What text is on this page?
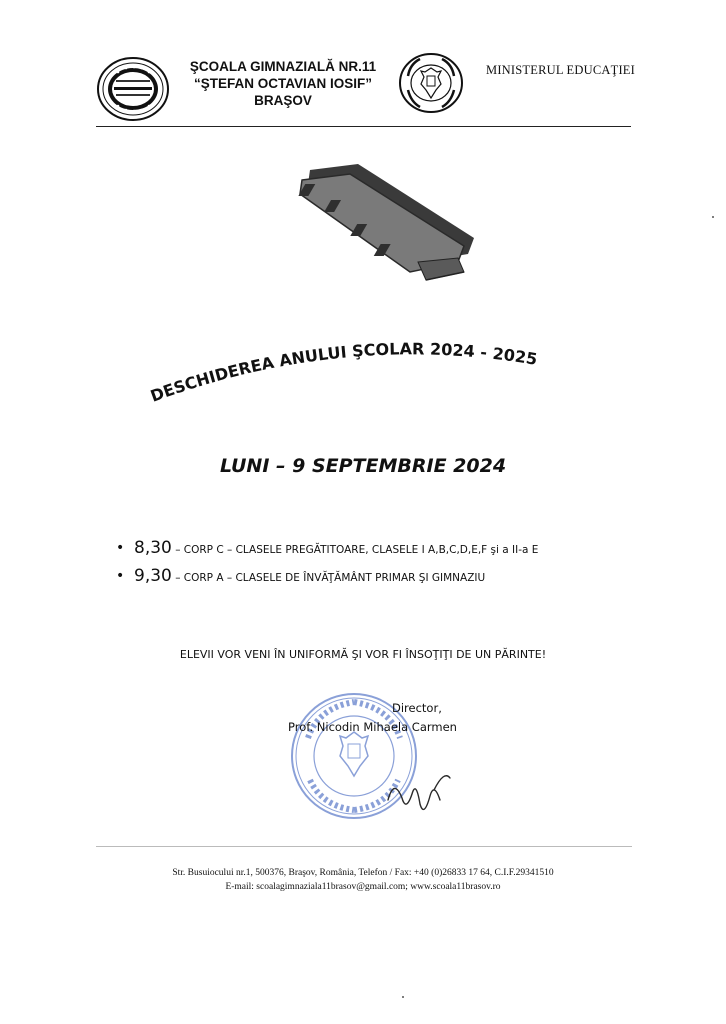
ŞCOALA GIMNAZIALĂ NR.11
“ŞTEFAN OCTAVIAN IOSIF”
BRAŞOV
MINISTERUL EDUCAŢIEI
DESCHIDEREA ANULUI ŞCOLAR 2024 - 2025
LUNI – 9 SEPTEMBRIE 2024
• 8,30 – CORP C – CLASELE PREGĂTITOARE, CLASELE I A,B,C,D,E,F şi a II-a E
• 9,30 – CORP A – CLASELE DE ÎNVĂŢĂMÂNT PRIMAR ŞI GIMNAZIU
ELEVII VOR VENI ÎN UNIFORMĂ ŞI VOR FI ÎNSOŢIŢI DE UN PĂRINTE!
Director,
Prof. Nicodin Mihaela Carmen
Str. Busuiocului nr.1, 500376, Braşov, România, Telefon / Fax: +40 (0)26833 17 64, C.I.F.29341510
E-mail: scoalagimnaziala11brasov@gmail.com; www.scoala11brasov.ro
